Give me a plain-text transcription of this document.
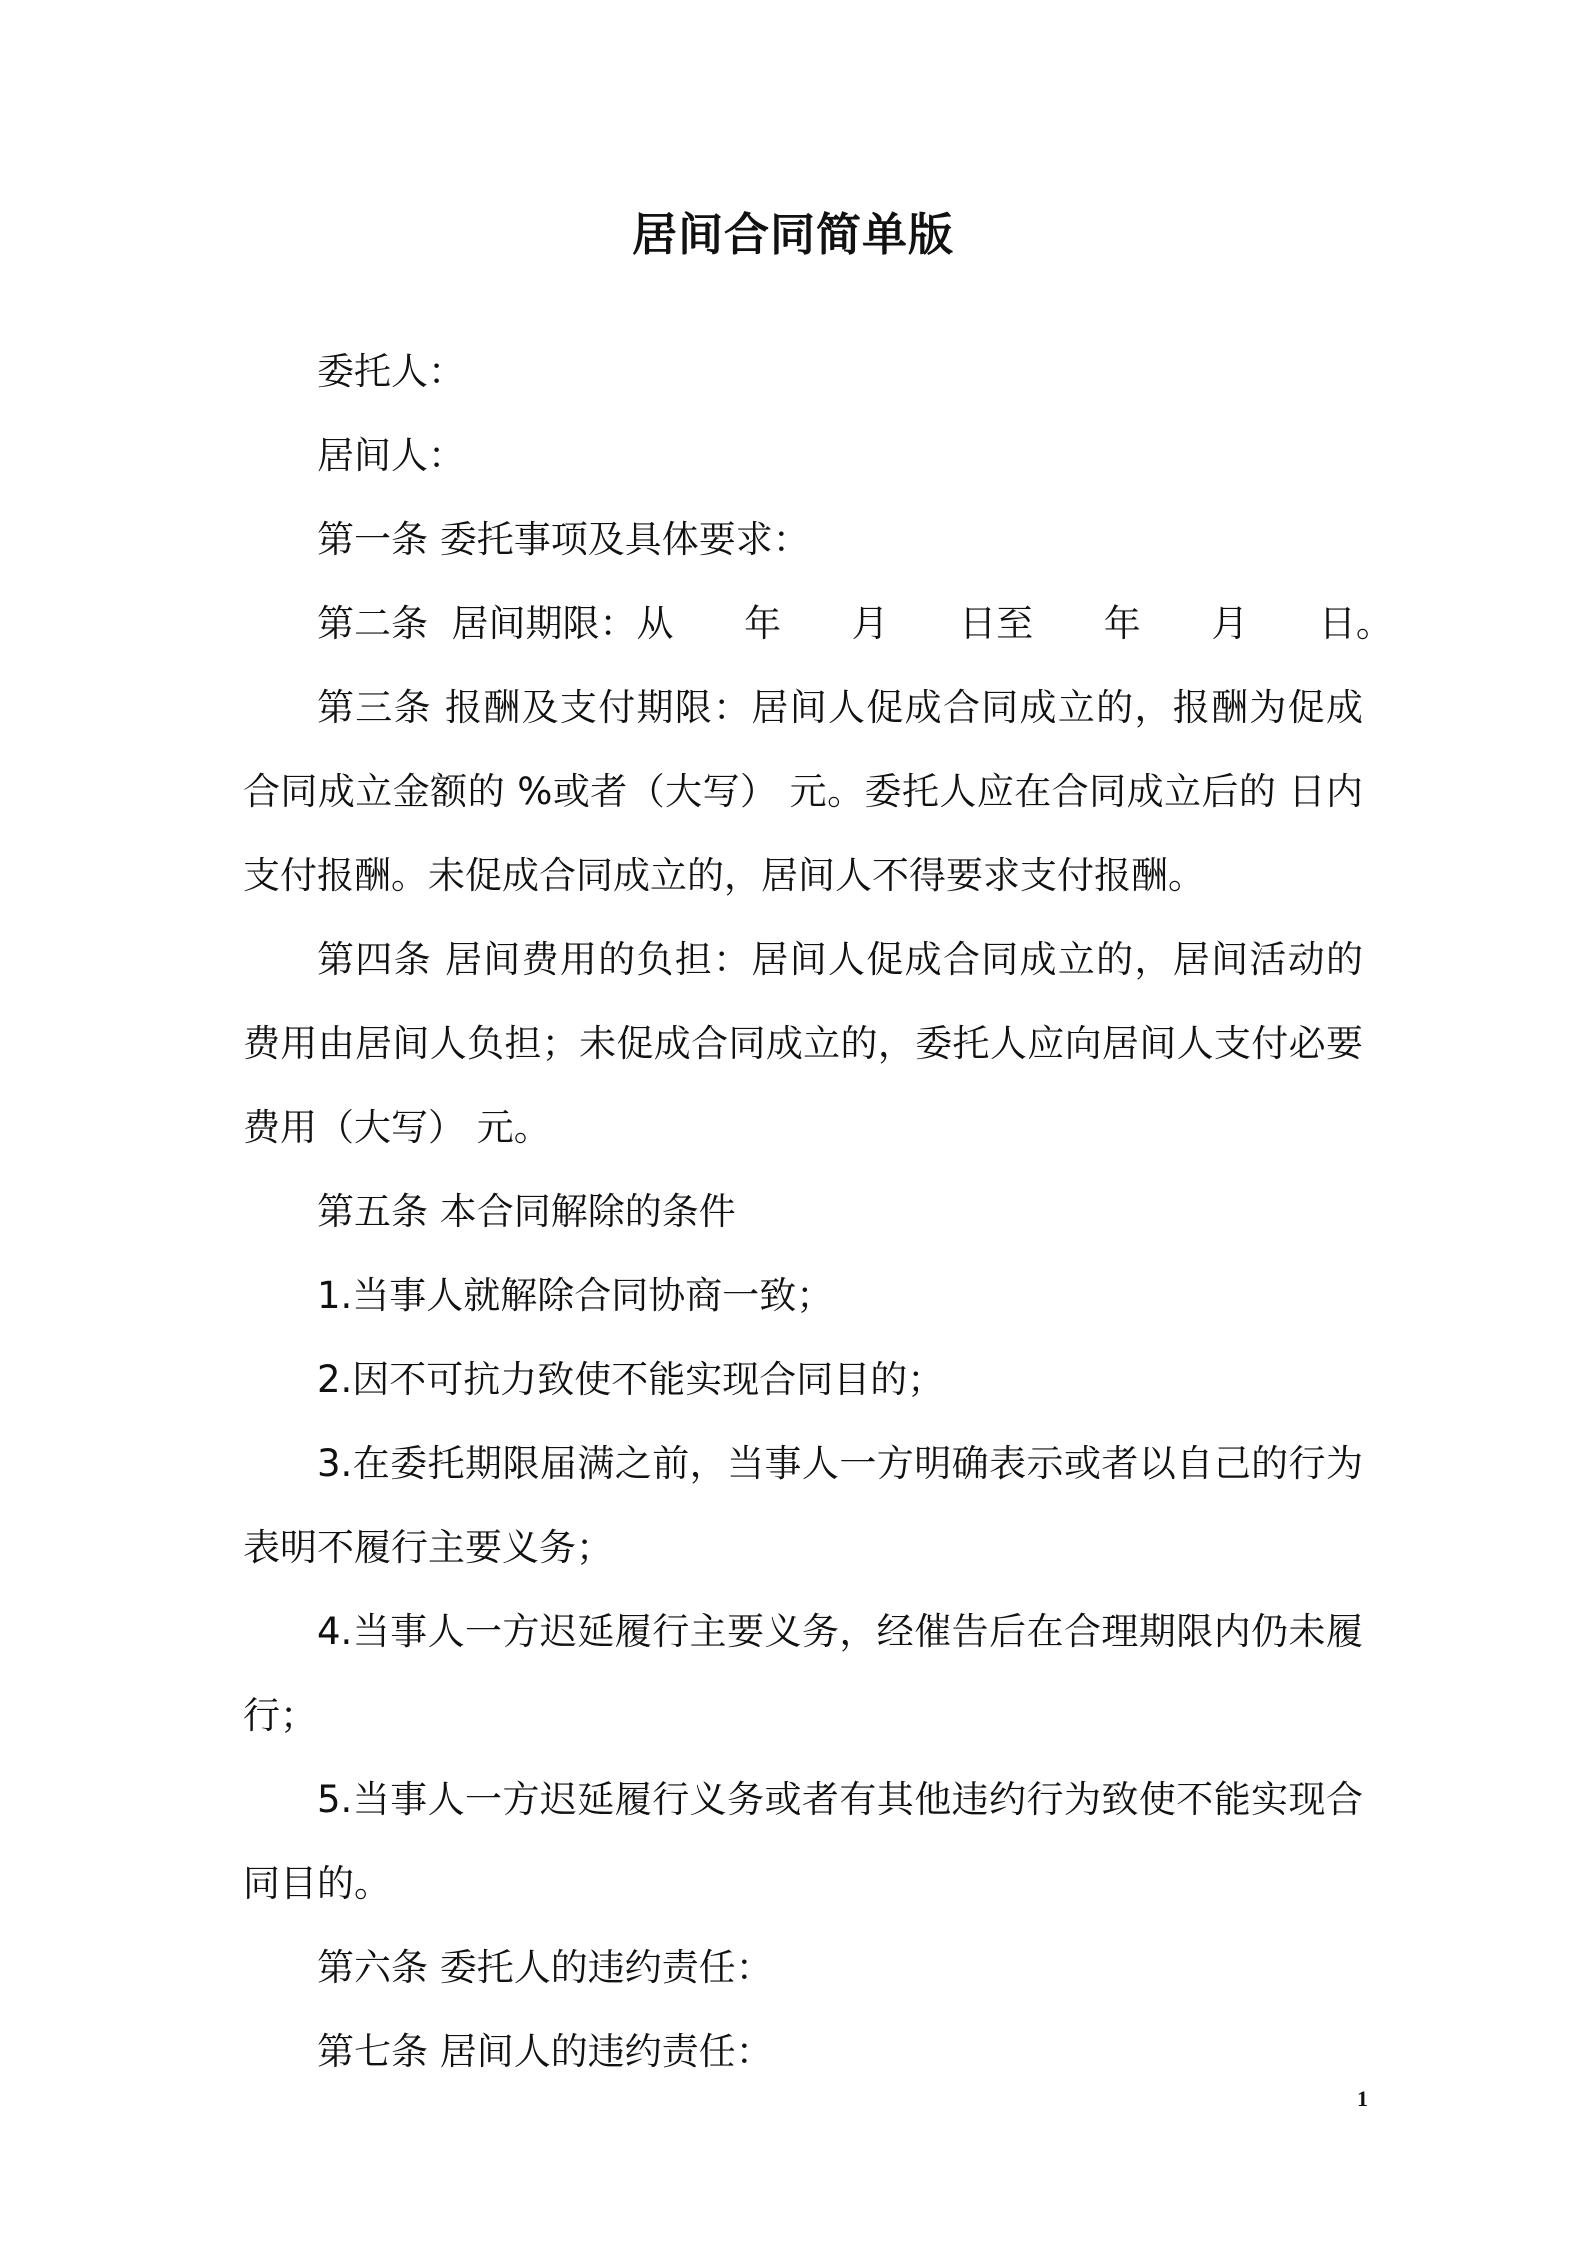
居间合同简单版

委托人：

居间人：

第一条 委托事项及具体要求：

第二条  居间期限：从      年      月      日至      年      月      日。

第三条 报酬及支付期限：居间人促成合同成立的，报酬为促成合同成立金额的 %或者（大写） 元。委托人应在合同成立后的 日内支付报酬。未促成合同成立的，居间人不得要求支付报酬。

第四条 居间费用的负担：居间人促成合同成立的，居间活动的费用由居间人负担；未促成合同成立的，委托人应向居间人支付必要费用（大写） 元。

第五条 本合同解除的条件

1.当事人就解除合同协商一致；

2.因不可抗力致使不能实现合同目的；

3.在委托期限届满之前，当事人一方明确表示或者以自己的行为表明不履行主要义务；

4.当事人一方迟延履行主要义务，经催告后在合理期限内仍未履行；

5.当事人一方迟延履行义务或者有其他违约行为致使不能实现合同目的。

第六条 委托人的违约责任：

第七条 居间人的违约责任：

1
